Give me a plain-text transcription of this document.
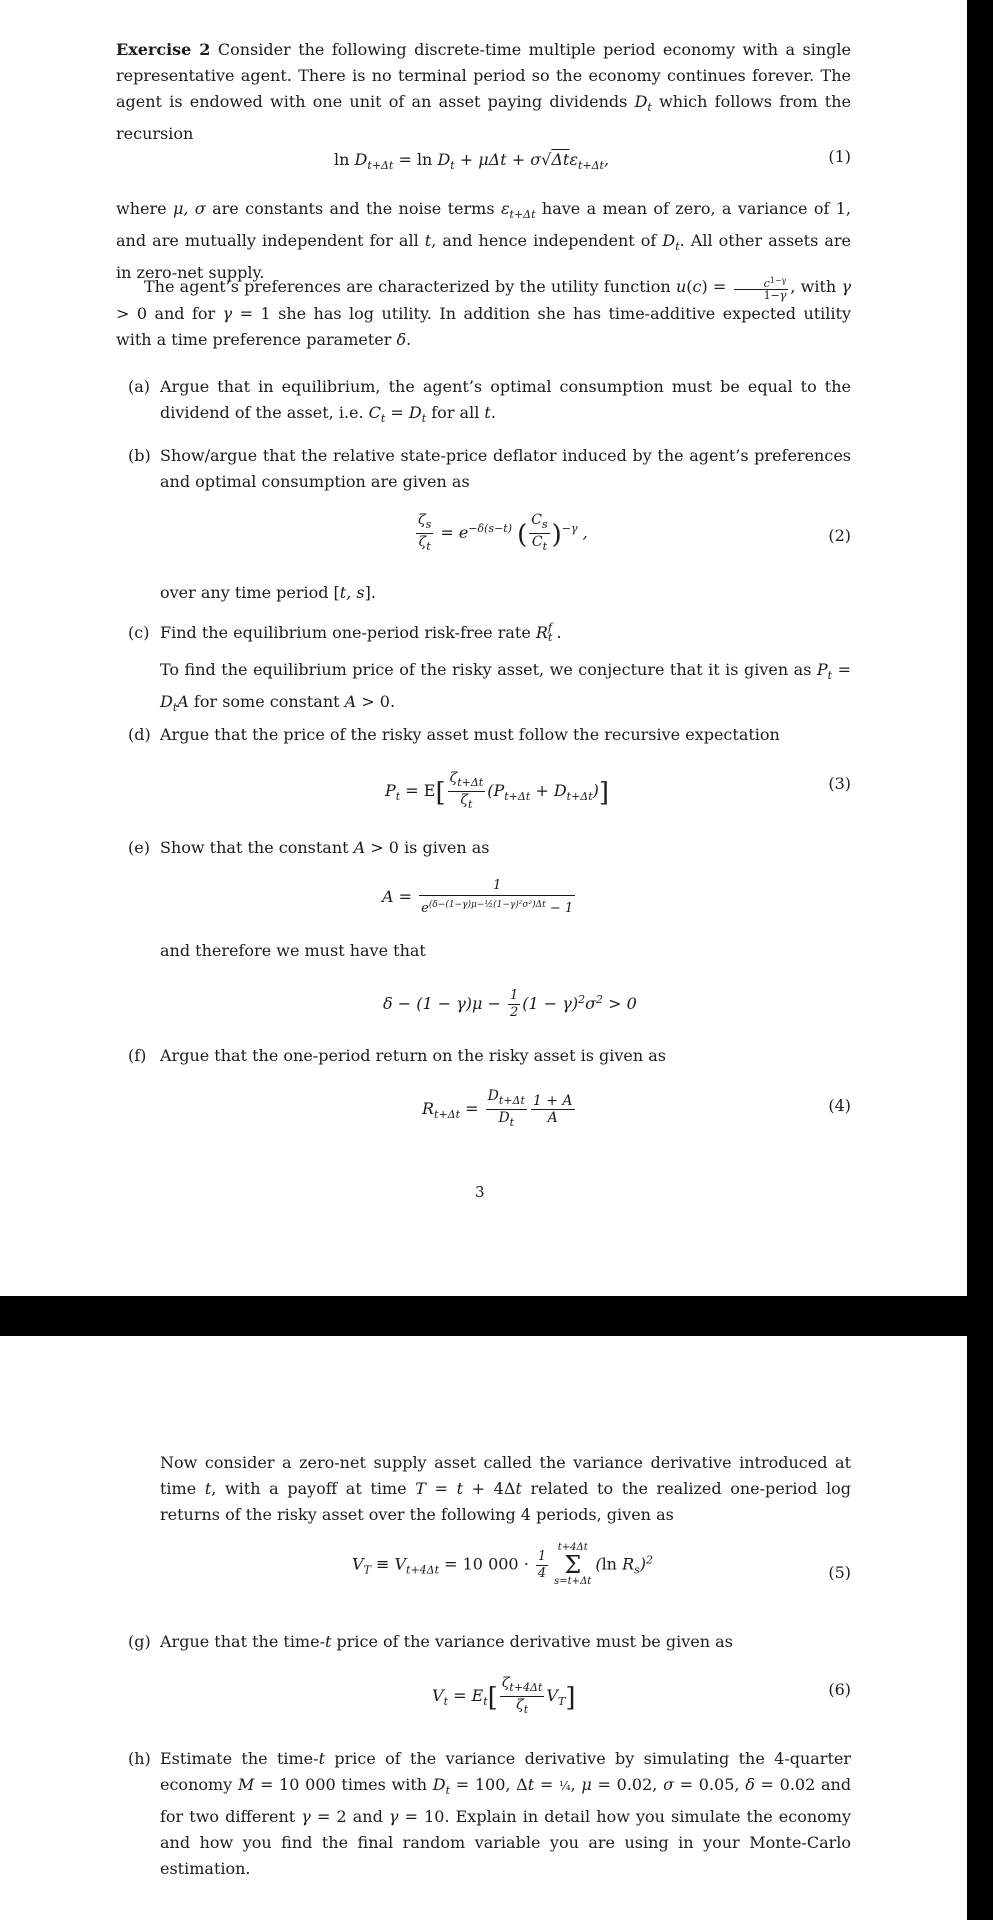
Exercise 2 Consider the following discrete-time multiple period economy with a single representative agent. There is no terminal period so the economy continues forever. The agent is endowed with one unit of an asset paying dividends $D_t$ which follows from the recursion

$\ln D_{t+\Delta t} = \ln D_t + \mu\Delta t + \sigma√\Delta t\varepsilon_{t+\Delta t}$,	(1)

where μ, σ are constants and the noise terms $\varepsilon_{t+\Delta t}$ have a mean of zero, a variance of 1, and are mutually independent for all t, and hence independent of $D_t$. All other assets are in zero-net supply.

The agent’s preferences are characterized by the utility function $u(c) = \frac{c^{1-\gamma}}{1-\gamma}$ , with γ > 0 and for γ = 1 she has log utility. In addition she has time-additive expected utility with a time preference parameter δ.

(a) Argue that in equilibrium, the agent’s optimal consumption must be equal to the dividend of the asset, i.e. $C_t = D_t$ for all t.
(b) Show/argue that the relative state-price deflator induced by the agent’s preferences and optimal consumption are given as
$\frac{\zeta_s}{\zeta_t} = e^{-\delta(s-t)}$ ( $\frac{C_s}{C_t} )^{-\gamma}$ ,	(2)

over any time period [t, s].

(c) Find the equilibrium one-period risk-free rate $R^ft$ .

To find the equilibrium price of the risky asset, we conjecture that it is given as $P_t = D_tA$ for some constant A > 0.

(d) Argue that the price of the risky asset must follow the recursive expectation
$P_t = E[ \frac{\zeta_{t+\Delta t}}{\zeta_t} (P_{t+\Delta t} + D_{t+\Delta t})]$	(3)
(e) Show that the constant A > 0 is given as
$A = \frac{1}{e^{(\delta-(1-\gamma)\mu-\frac{1}{2}(1-\gamma)^2\sigma^2)\Delta t} - 1}$

and therefore we must have that

$\delta - (1 - \gamma)\mu - \frac{1}{2} (1 - \gamma)^2\sigma^2 > 0$
(f) Argue that the one-period return on the risky asset is given as
$R_{t+\Delta t} = \frac{D_{t+\Delta t}}{D_t} \frac{1 + A}{A}$	(4)
3

Now consider a zero-net supply asset called the variance derivative introduced at time t, with a payoff at time T = t + 4Δt related to the realized one-period log returns of the risky asset over the following 4 periods, given as

$V_T \equiv V_{t+4\Delta t} = 10$ $000 \cdot \frac{1}{4}$
t+4Δt
Σ
s=t+Δt(ln $R_s)^2$
(5)
(g) Argue that the time-t price of the variance derivative must be given as
$V_t = E_t[ \frac{\zeta_{t+4\Delta t}}{\zeta_t} V_T]$	(6)
(h) Estimate the time-t price of the variance derivative by simulating the 4-quarter economy M = 10 000 times with $D_t = 100$, Δt = ¼, μ = 0.02, σ = 0.05, δ = 0.02 and for two different γ = 2 and γ = 10. Explain in detail how you simulate the economy and how you find the final random variable you are using in your Monte-Carlo estimation.
